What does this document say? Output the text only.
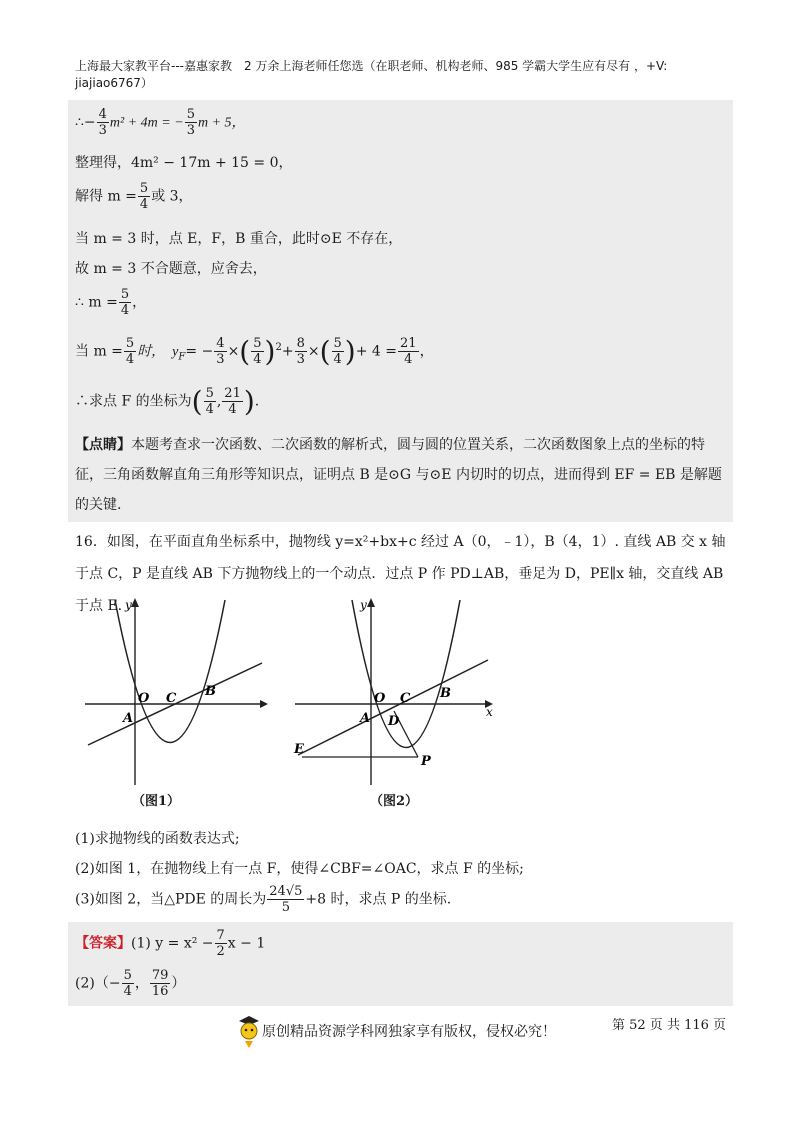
上海最大家教平台---嘉惠家教　2 万余上海老师任您选（在职老师、机构老师、985 学霸大学生应有尽有 ，+V: jiajiao6767）
∴− $\frac{4}{3} m^2 + 4m$ = − $\frac{5}{3}$ m + 5，
整理得，4m² − 17m + 15 = 0，
解得 $m = \frac{5}{4}$ 或 3，
当 m = 3 时，点 E，F，B 重合，此时⊙E 不存在，
故 m = 3 不合题意，应舍去，
∴ $m = \frac{5}{4}$ ，
当 $m = \frac{5}{4}$ 时，　$y_F= - \frac{4}{3}$ ×( $\frac{5}{4} )^2+ \frac{8}{3}$ ×( $\frac{5}{4}$ )+ $4 = \frac{21}{4}$ ，
∴求点 F 的坐标为( $\frac{5}{4}$ , $\frac{21}{4}$ ).
【点睛】本题考查求一次函数、二次函数的解析式，圆与圆的位置关系，二次函数图象上点的坐标的特征，三角函数解直角三角形等知识点，证明点 B 是⊙G 与⊙E 内切时的切点，进而得到 EF = EB 是解题的关键.
16．如图，在平面直角坐标系中，抛物线 y=x²+bx+c 经过 A（0，﹣1），B（4，1）. 直线 AB 交 x 轴于点 C，P 是直线 AB 下方抛物线上的一个动点．过点 P 作 PD⊥AB，垂足为 D，PE∥x 轴，交直线 AB 于点 E. y
O C B
A
（图1）
y
x
O C B
A D
E
P
（图2）
(1)求抛物线的函数表达式;
(2)如图 1，在抛物线上有一点 F，使得∠CBF=∠OAC，求点 F 的坐标;
(3)如图 2，当△PDE 的周长为 $\frac{24√5}{5} +8$ 时，求点 P 的坐标.
【答案】(1) $y = x^2 - \frac{7}{2}$ x − 1
$(2)(- \frac{5}{4}$ ， $\frac{79}{16}$ ）
原创精品资源学科网独家享有版权，侵权必究！	第 52 页 共 116 页
